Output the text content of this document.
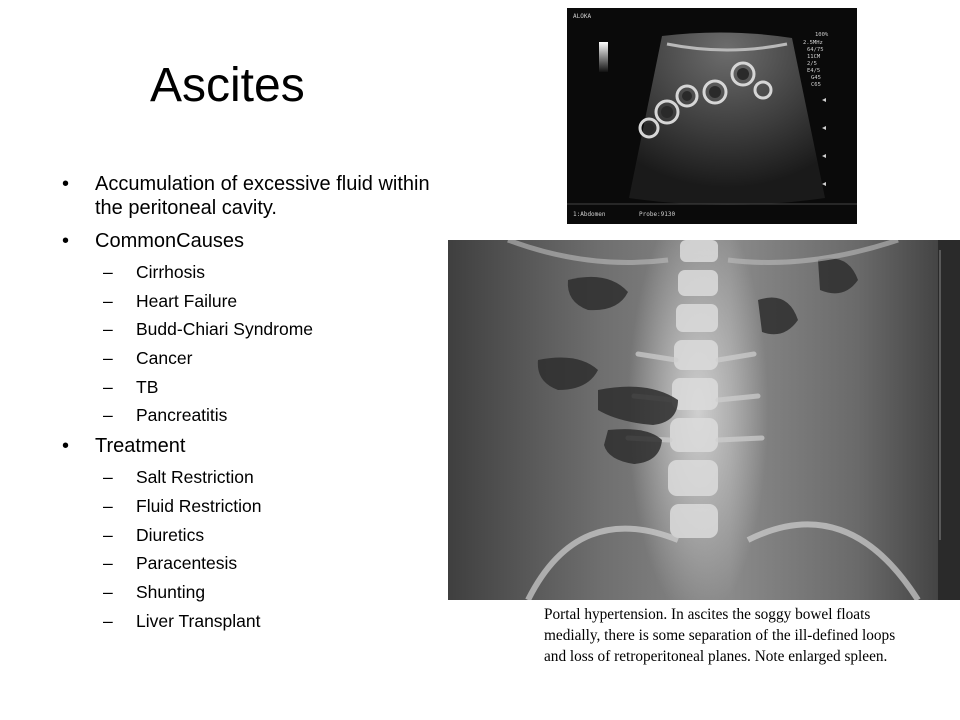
Ascites
• Accumulation of excessive fluid within the peritoneal cavity.
• CommonCauses
– Cirrhosis
– Heart Failure
– Budd-Chiari Syndrome
– Cancer
– TB
– Pancreatitis
• Treatment
– Salt Restriction
– Fluid Restriction
– Diuretics
– Paracentesis
– Shunting
– Liver Transplant
ALOKA
100%
2.5MHz
64/75
11CM
2/5
E4/5
G45
C65
1:Abdomen	Probe:9130

Portal hypertension. In ascites the soggy bowel floats medially, there is some separation of the ill-defined loops and loss of retroperitoneal planes. Note enlarged spleen.
